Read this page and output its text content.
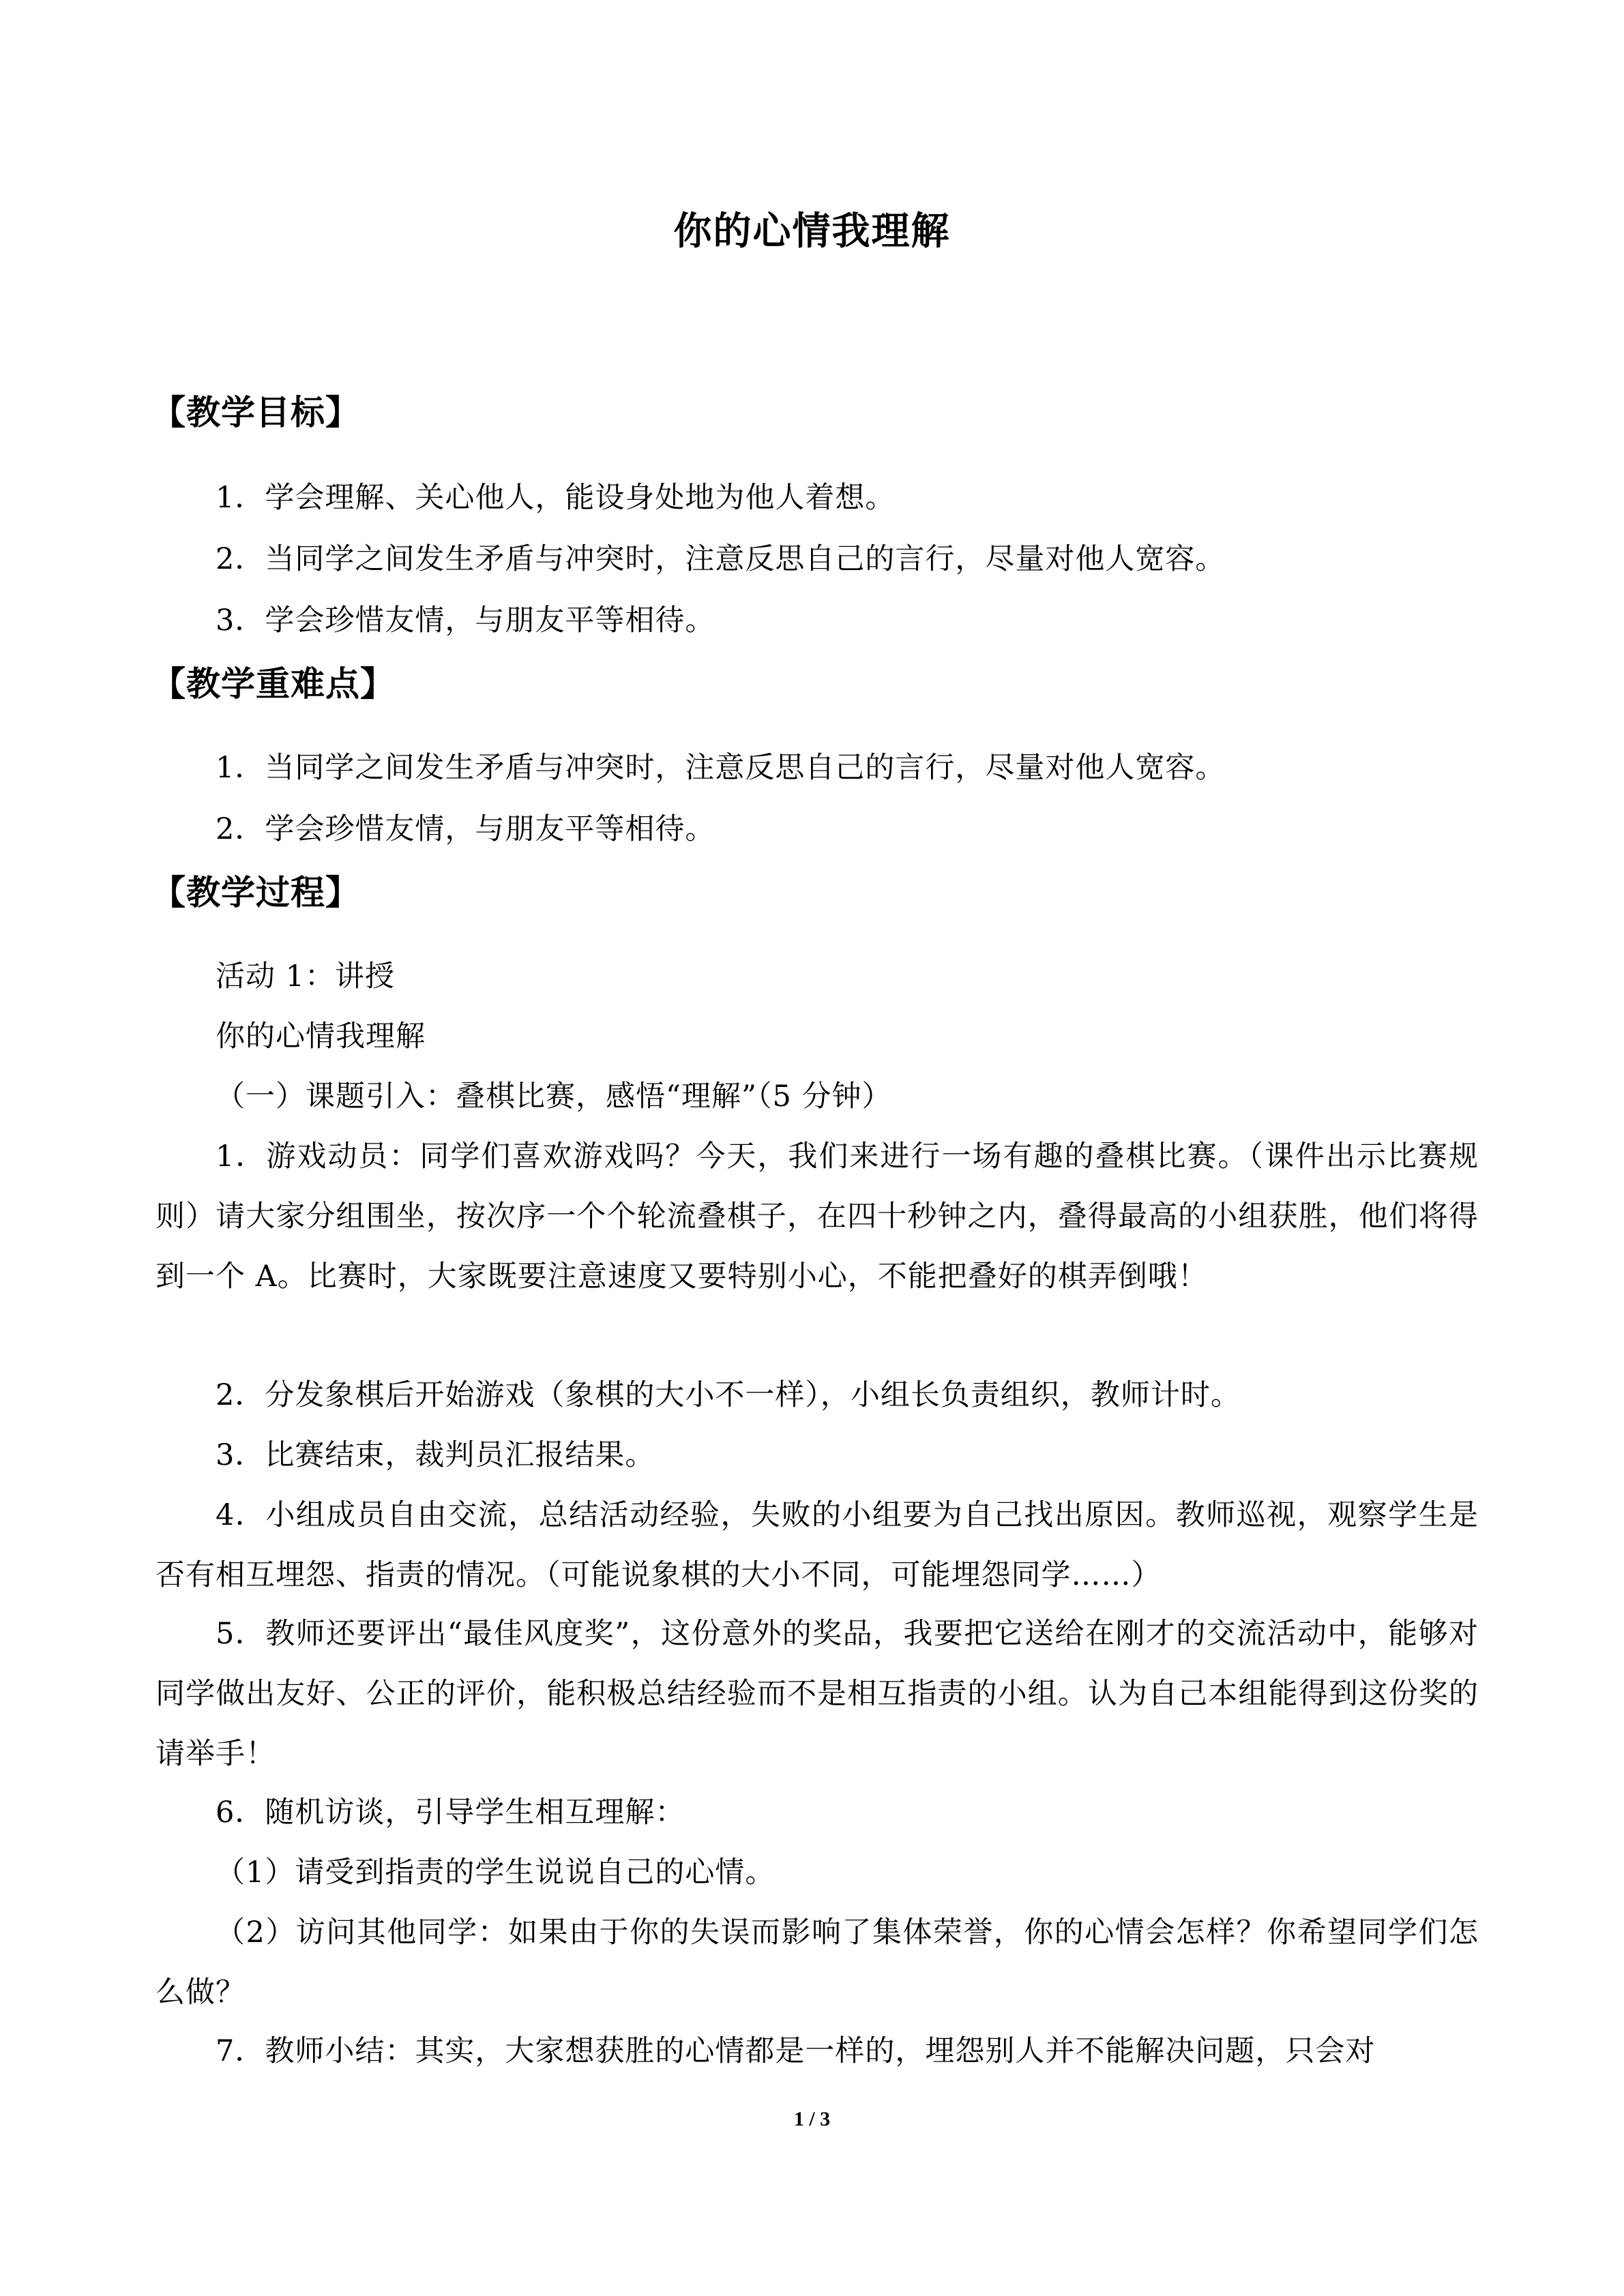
你的心情我理解
【教学目标】
1．学会理解、关心他人，能设身处地为他人着想。
2．当同学之间发生矛盾与冲突时，注意反思自己的言行，尽量对他人宽容。
3．学会珍惜友情，与朋友平等相待。
【教学重难点】
1．当同学之间发生矛盾与冲突时，注意反思自己的言行，尽量对他人宽容。
2．学会珍惜友情，与朋友平等相待。
【教学过程】
活动 1：讲授
你的心情我理解
（一）课题引入：叠棋比赛，感悟“理解”（5 分钟）
1．游戏动员：同学们喜欢游戏吗？今天，我们来进行一场有趣的叠棋比赛。（课件出示比赛规则）请大家分组围坐，按次序一个个轮流叠棋子，在四十秒钟之内，叠得最高的小组获胜，他们将得到一个 A。比赛时，大家既要注意速度又要特别小心，不能把叠好的棋弄倒哦！
2．分发象棋后开始游戏（象棋的大小不一样），小组长负责组织，教师计时。
3．比赛结束，裁判员汇报结果。
4．小组成员自由交流，总结活动经验，失败的小组要为自己找出原因。教师巡视，观察学生是否有相互埋怨、指责的情况。（可能说象棋的大小不同，可能埋怨同学……）
5．教师还要评出“最佳风度奖”，这份意外的奖品，我要把它送给在刚才的交流活动中，能够对同学做出友好、公正的评价，能积极总结经验而不是相互指责的小组。认为自己本组能得到这份奖的请举手！
6．随机访谈，引导学生相互理解：
（1）请受到指责的学生说说自己的心情。
（2）访问其他同学：如果由于你的失误而影响了集体荣誉，你的心情会怎样？你希望同学们怎么做？
7．教师小结：其实，大家想获胜的心情都是一样的，埋怨别人并不能解决问题，只会对
1 / 3
